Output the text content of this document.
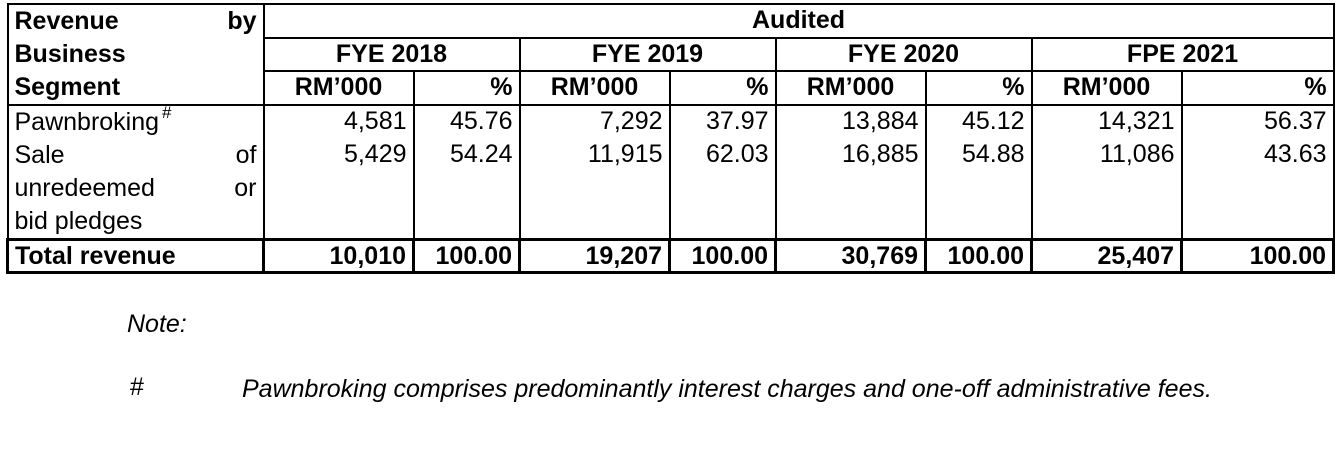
Revenue by
Business
Segment	Audited							
	FYE 2018		FYE 2019		FYE 2020		FPE 2021	
	RM’000	%	RM’000	%	RM’000	%	RM’000	%
Pawnbroking #	4,581	45.76	7,292	37.97	13,884	45.12	14,321	56.37

Sale of
unredeemed or
bid pledges	5,429	54.24	11,915	62.03	16,885	54.88	11,086	43.63
Total revenue	10,010	100.00	19,207	100.00	30,769	100.00	25,407	100.00
Note:
#	Pawnbroking comprises predominantly interest charges and one-off administrative fees.
